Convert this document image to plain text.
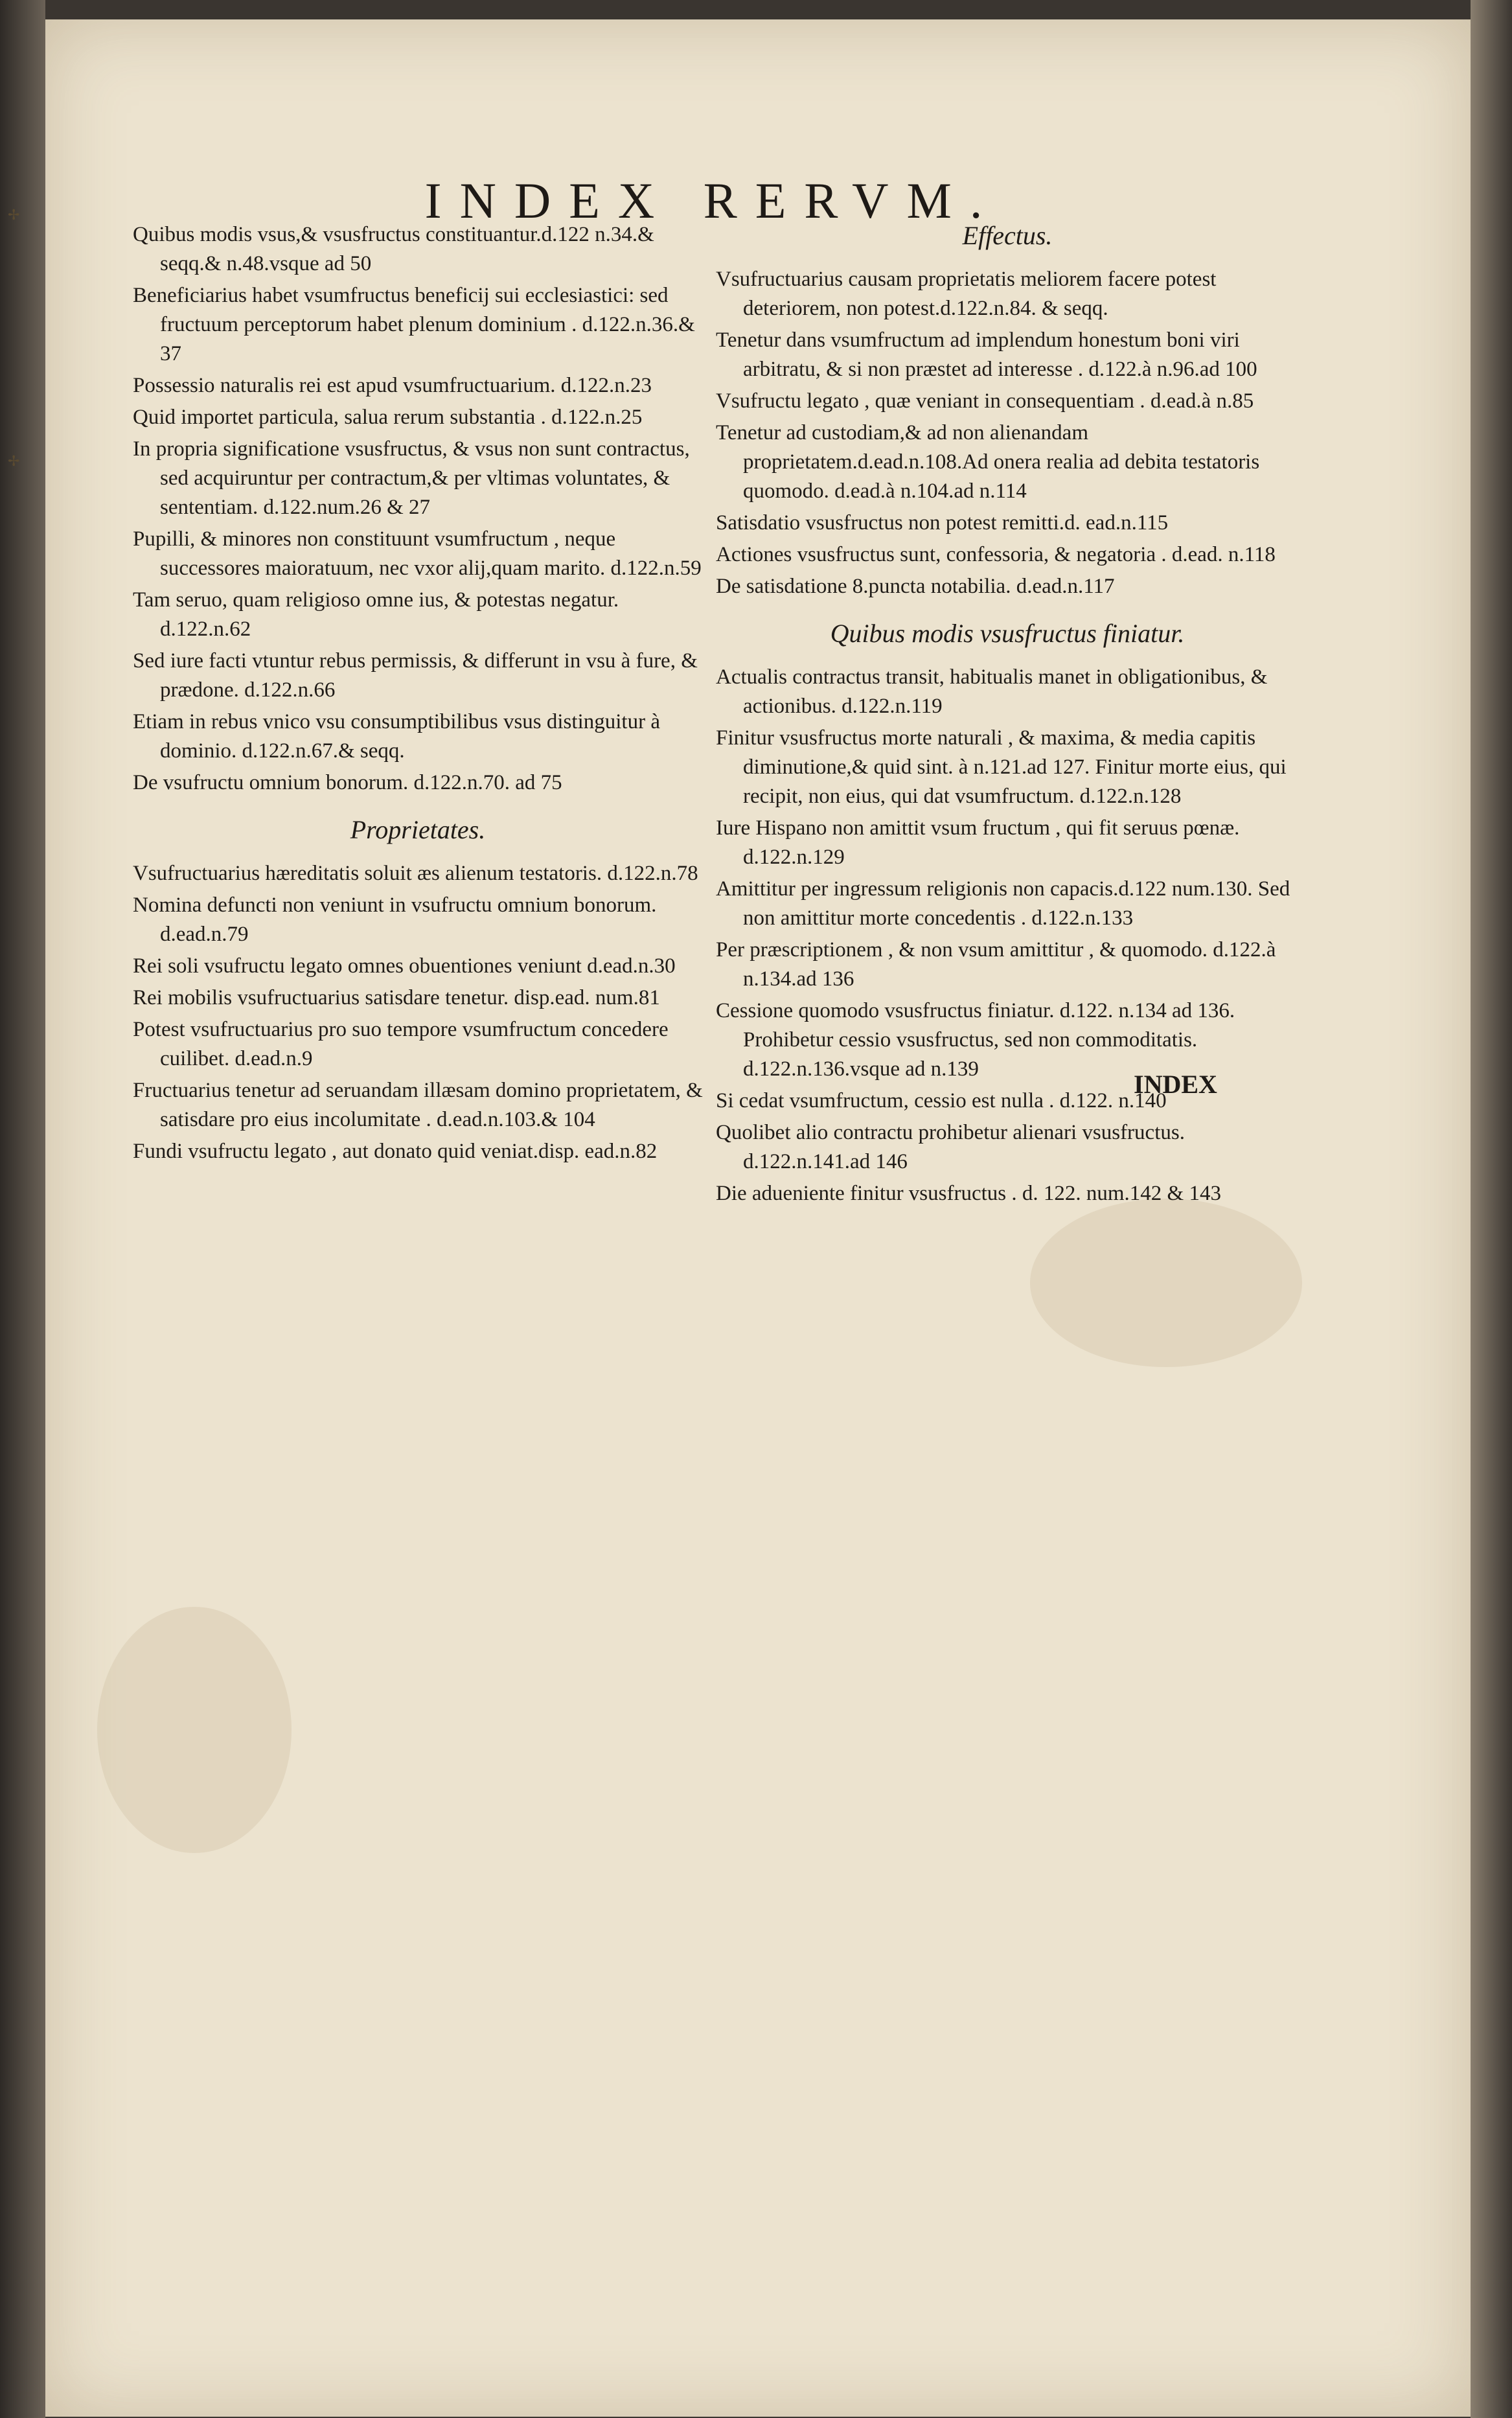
✢
✢
INDEX RERVM.
Quibus modis vsus,& vsusfructus constituantur.d.122 n.34.& seqq.& n.48.vsque ad 50
Beneficiarius habet vsumfructus beneficij sui ecclesiastici: sed fructuum perceptorum habet plenum dominium . d.122.n.36.& 37
Possessio naturalis rei est apud vsumfructuarium. d.122.n.23
Quid importet particula, salua rerum substantia . d.122.n.25
In propria significatione vsusfructus, & vsus non sunt contractus, sed acquiruntur per contractum,& per vltimas voluntates, & sententiam. d.122.num.26 & 27
Pupilli, & minores non constituunt vsumfructum , neque successores maioratuum, nec vxor alij,quam marito. d.122.n.59
Tam seruo, quam religioso omne ius, & potestas negatur. d.122.n.62
Sed iure facti vtuntur rebus permissis, & differunt in vsu à fure, & prædone. d.122.n.66
Etiam in rebus vnico vsu consumptibilibus vsus distinguitur à dominio. d.122.n.67.& seqq.
De vsufructu omnium bonorum. d.122.n.70. ad 75
Proprietates.
Vsufructuarius hæreditatis soluit æs alienum testatoris. d.122.n.78
Nomina defuncti non veniunt in vsufructu omnium bonorum. d.ead.n.79
Rei soli vsufructu legato omnes obuentiones veniunt d.ead.n.30
Rei mobilis vsufructuarius satisdare tenetur. disp.ead. num.81
Potest vsufructuarius pro suo tempore vsumfructum concedere cuilibet. d.ead.n.9
Fructuarius tenetur ad seruandam illæsam domino proprietatem, & satisdare pro eius incolumitate . d.ead.n.103.& 104
Fundi vsufructu legato , aut donato quid veniat.disp. ead.n.82
Effectus.
Vsufructuarius causam proprietatis meliorem facere potest deteriorem, non potest.d.122.n.84. & seqq.
Tenetur dans vsumfructum ad implendum honestum boni viri arbitratu, & si non præstet ad interesse . d.122.à n.96.ad 100
Vsufructu legato , quæ veniant in consequentiam . d.ead.à n.85
Tenetur ad custodiam,& ad non alienandam proprietatem.d.ead.n.108.Ad onera realia ad debita testatoris quomodo. d.ead.à n.104.ad n.114
Satisdatio vsusfructus non potest remitti.d. ead.n.115
Actiones vsusfructus sunt, confessoria, & negatoria . d.ead. n.118
De satisdatione 8.puncta notabilia. d.ead.n.117
Quibus modis vsusfructus finiatur.
Actualis contractus transit, habitualis manet in obligationibus, & actionibus. d.122.n.119
Finitur vsusfructus morte naturali , & maxima, & media capitis diminutione,& quid sint. à n.121.ad 127. Finitur morte eius, qui recipit, non eius, qui dat vsumfructum. d.122.n.128
Iure Hispano non amittit vsum fructum , qui fit seruus pœnæ. d.122.n.129
Amittitur per ingressum religionis non capacis.d.122 num.130. Sed non amittitur morte concedentis . d.122.n.133
Per præscriptionem , & non vsum amittitur , & quomodo. d.122.à n.134.ad 136
Cessione quomodo vsusfructus finiatur. d.122. n.134 ad 136. Prohibetur cessio vsusfructus, sed non commoditatis. d.122.n.136.vsque ad n.139
Si cedat vsumfructum, cessio est nulla . d.122. n.140
Quolibet alio contractu prohibetur alienari vsusfructus. d.122.n.141.ad 146
Die adueniente finitur vsusfructus . d. 122. num.142 & 143
INDEX
